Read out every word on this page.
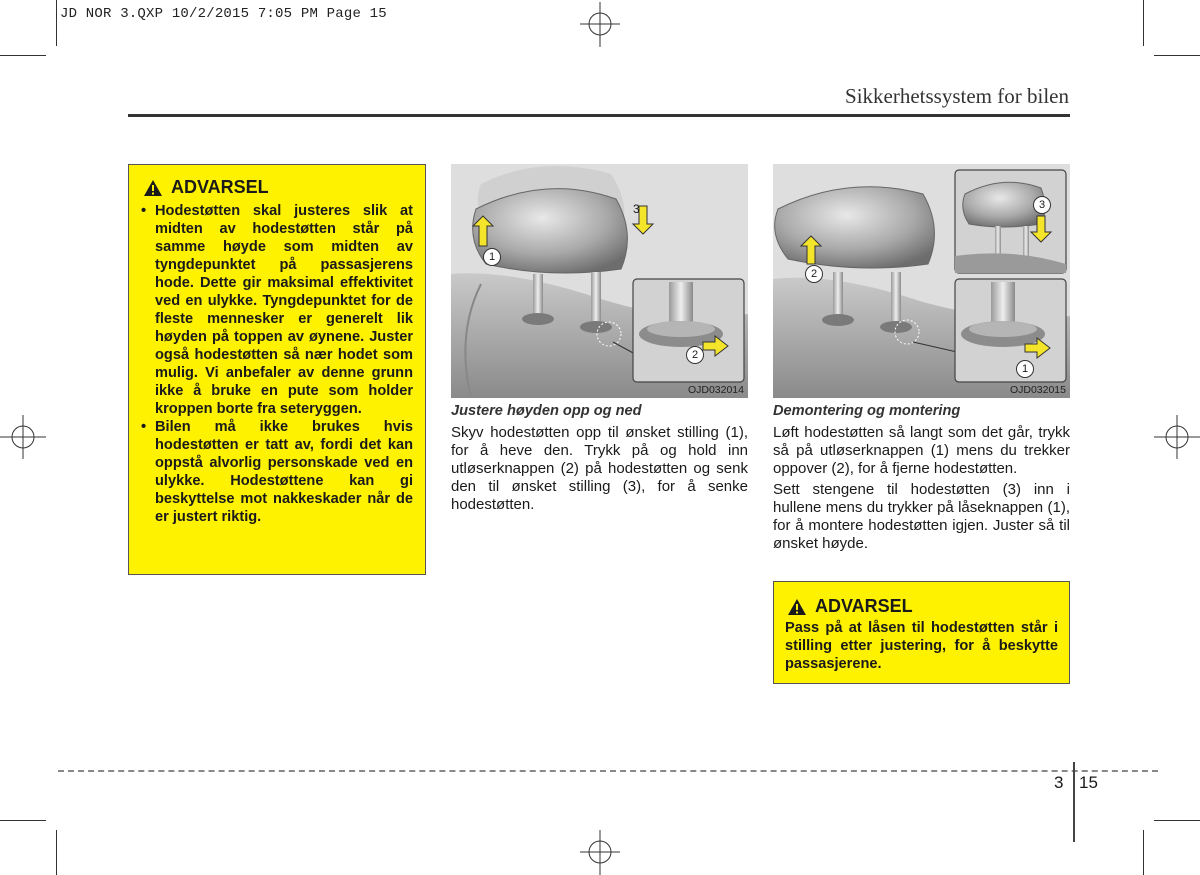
JD NOR 3.QXP 10/2/2015 7:05 PM Page 15
Sikkerhetssystem for bilen
ADVARSEL
• Hodestøtten skal justeres slik at midten av hodestøtten står på samme høyde som midten av tyngdepunktet på passasjerens hode. Dette gir maksimal effektivitet ved en ulykke. Tyngdepunktet for de fleste mennesker er generelt lik høyden på toppen av øynene. Juster også hodestøtten så nær hodet som mulig. Vi anbefaler av denne grunn ikke å bruke en pute som holder kroppen borte fra seteryggen.
• Bilen må ikke brukes hvis hodestøtten er tatt av, fordi det kan oppstå alvorlig personskade ved en ulykke. Hodestøttene kan gi beskyttelse mot nakkeskader når de er justert riktig.
1
3
2
OJD032014
Justere høyden opp og ned

Skyv hodestøtten opp til ønsket stilling (1), for å heve den. Trykk på og hold inn utløserknappen (2) på hodestøtten og senk den til ønsket stilling (3), for å senke hodestøtten.

2
3
1
OJD032015
Demontering og montering

Løft hodestøtten så langt som det går, trykk så på utløserknappen (1) mens du trekker oppover (2), for å fjerne hodestøtten.

Sett stengene til hodestøtten (3) inn i hullene mens du trykker på låseknappen (1), for å montere hodestøtten igjen. Juster så til ønsket høyde.

ADVARSEL
Pass på at låsen til hodestøtten står i stilling etter justering, for å beskytte passasjerene.
3 15
